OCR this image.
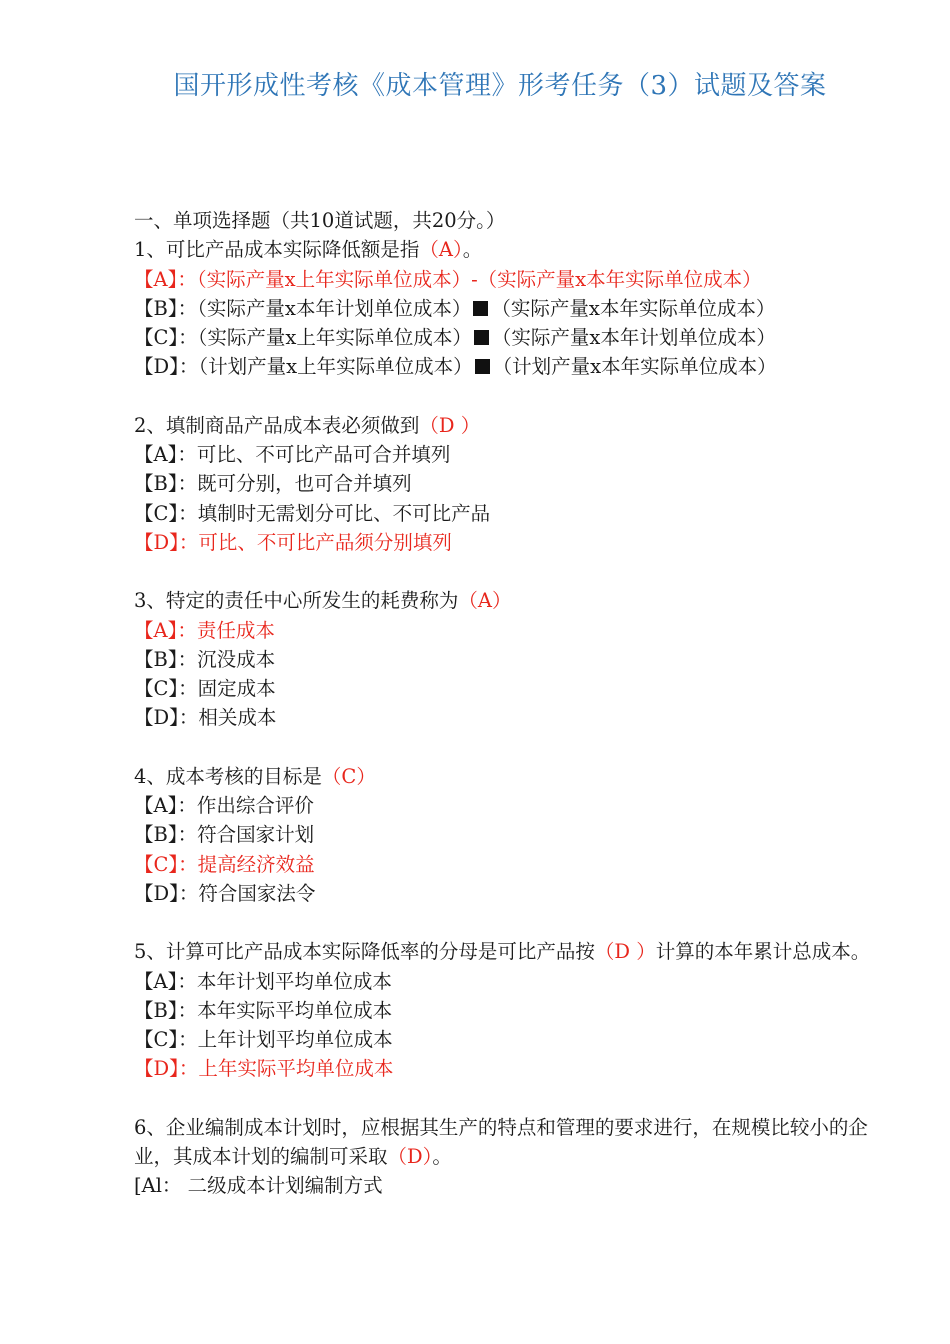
国开形成性考核《成本管理》形考任务（3）试题及答案
一、单项选择题（共10道试题，共20分。）
1、可比产品成本实际降低额是指（A）。
【A】：（实际产量x上年实际单位成本）-（实际产量x本年实际单位成本）
【B】：（实际产量x本年计划单位成本） （实际产量x本年实际单位成本）
【C】：（实际产量x上年实际单位成本） （实际产量x本年计划单位成本）
【D】：（计划产量x上年实际单位成本） （计划产量x本年实际单位成本）
2、填制商品产品成本表必须做到（D ）
【A】：可比、不可比产品可合并填列
【B】：既可分别，也可合并填列
【C】：填制时无需划分可比、不可比产品
【D】：可比、不可比产品须分别填列
3、特定的责任中心所发生的耗费称为（A）
【A】：责任成本
【B】：沉没成本
【C】：固定成本
【D】：相关成本
4、成本考核的目标是（C）
【A】：作出综合评价
【B】：符合国家计划
【C】：提高经济效益
【D】：符合国家法令
5、计算可比产品成本实际降低率的分母是可比产品按（D ）计算的本年累计总成本。
【A】：本年计划平均单位成本
【B】：本年实际平均单位成本
【C】：上年计划平均单位成本
【D】：上年实际平均单位成本
6、企业编制成本计划时，应根据其生产的特点和管理的要求进行，在规模比较小的企业，其成本计划的编制可采取（D）。
[Al： 二级成本计划编制方式
